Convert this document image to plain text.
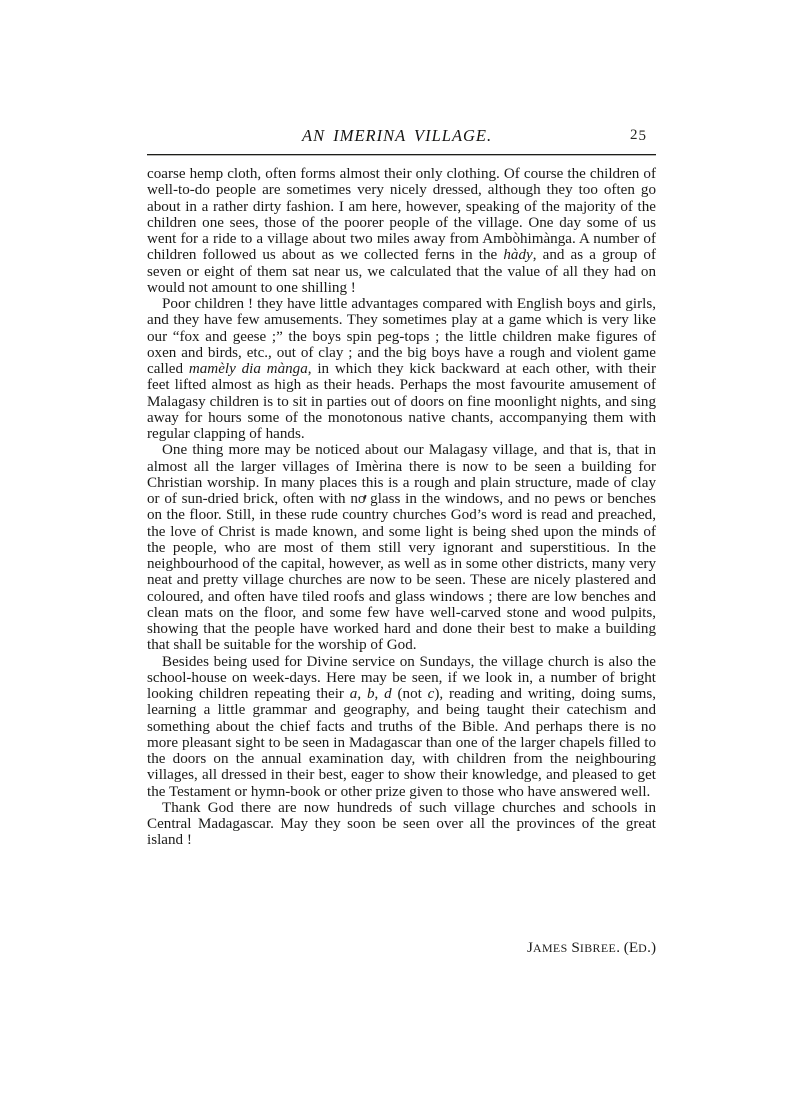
AN IMERINA VILLAGE.	25

coarse hemp cloth, often forms almost their only clothing. Of course the children of well-to-do people are sometimes very nicely dressed, although they too often go about in a rather dirty fashion. I am here, however, speaking of the majority of the children one sees, those of the poorer people of the village. One day some of us went for a ride to a village about two miles away from Ambòhimànga. A number of children followed us about as we collected ferns in the hàdy, and as a group of seven or eight of them sat near us, we calculated that the value of all they had on would not amount to one shilling !

Poor children ! they have little advantages compared with English boys and girls, and they have few amusements. They sometimes play at a game which is very like our “fox and geese ;” the boys spin peg-tops ; the little children make figures of oxen and birds, etc., out of clay ; and the big boys have a rough and violent game called mamèly dia mànga, in which they kick backward at each other, with their feet lifted almost as high as their heads. Perhaps the most favourite amusement of Malagasy children is to sit in parties out of doors on fine moonlight nights, and sing away for hours some of the monotonous native chants, accompanying them with regular clapping of hands.

One thing more may be noticed about our Malagasy village, and that is, that in almost all the larger villages of Imèrina there is now to be seen a building for Christian worship. In many places this is a rough and plain structure, made of clay or of sun-dried brick, often with no glass in the windows, and no pews or benches on the floor. Still, in these rude country churches God’s word is read and preached, the love of Christ is made known, and some light is being shed upon the minds of the people, who are most of them still very ignorant and superstitious. In the neighbourhood of the capital, however, as well as in some other districts, many very neat and pretty village churches are now to be seen. These are nicely plastered and coloured, and often have tiled roofs and glass windows ; there are low benches and clean mats on the floor, and some few have well-carved stone and wood pulpits, showing that the people have worked hard and done their best to make a building that shall be suitable for the worship of God.

Besides being used for Divine service on Sundays, the village church is also the school-house on week-days. Here may be seen, if we look in, a number of bright looking children repeating their a, b, d (not c), reading and writing, doing sums, learning a little grammar and geography, and being taught their catechism and something about the chief facts and truths of the Bible. And perhaps there is no more pleasant sight to be seen in Madagascar than one of the larger chapels filled to the doors on the annual examination day, with children from the neighbouring villages, all dressed in their best, eager to show their knowledge, and pleased to get the Testament or hymn-book or other prize given to those who have answered well.

Thank God there are now hundreds of such village churches and schools in Central Madagascar. May they soon be seen over all the provinces of the great island !

JAMES SIBREE. (ED.)
